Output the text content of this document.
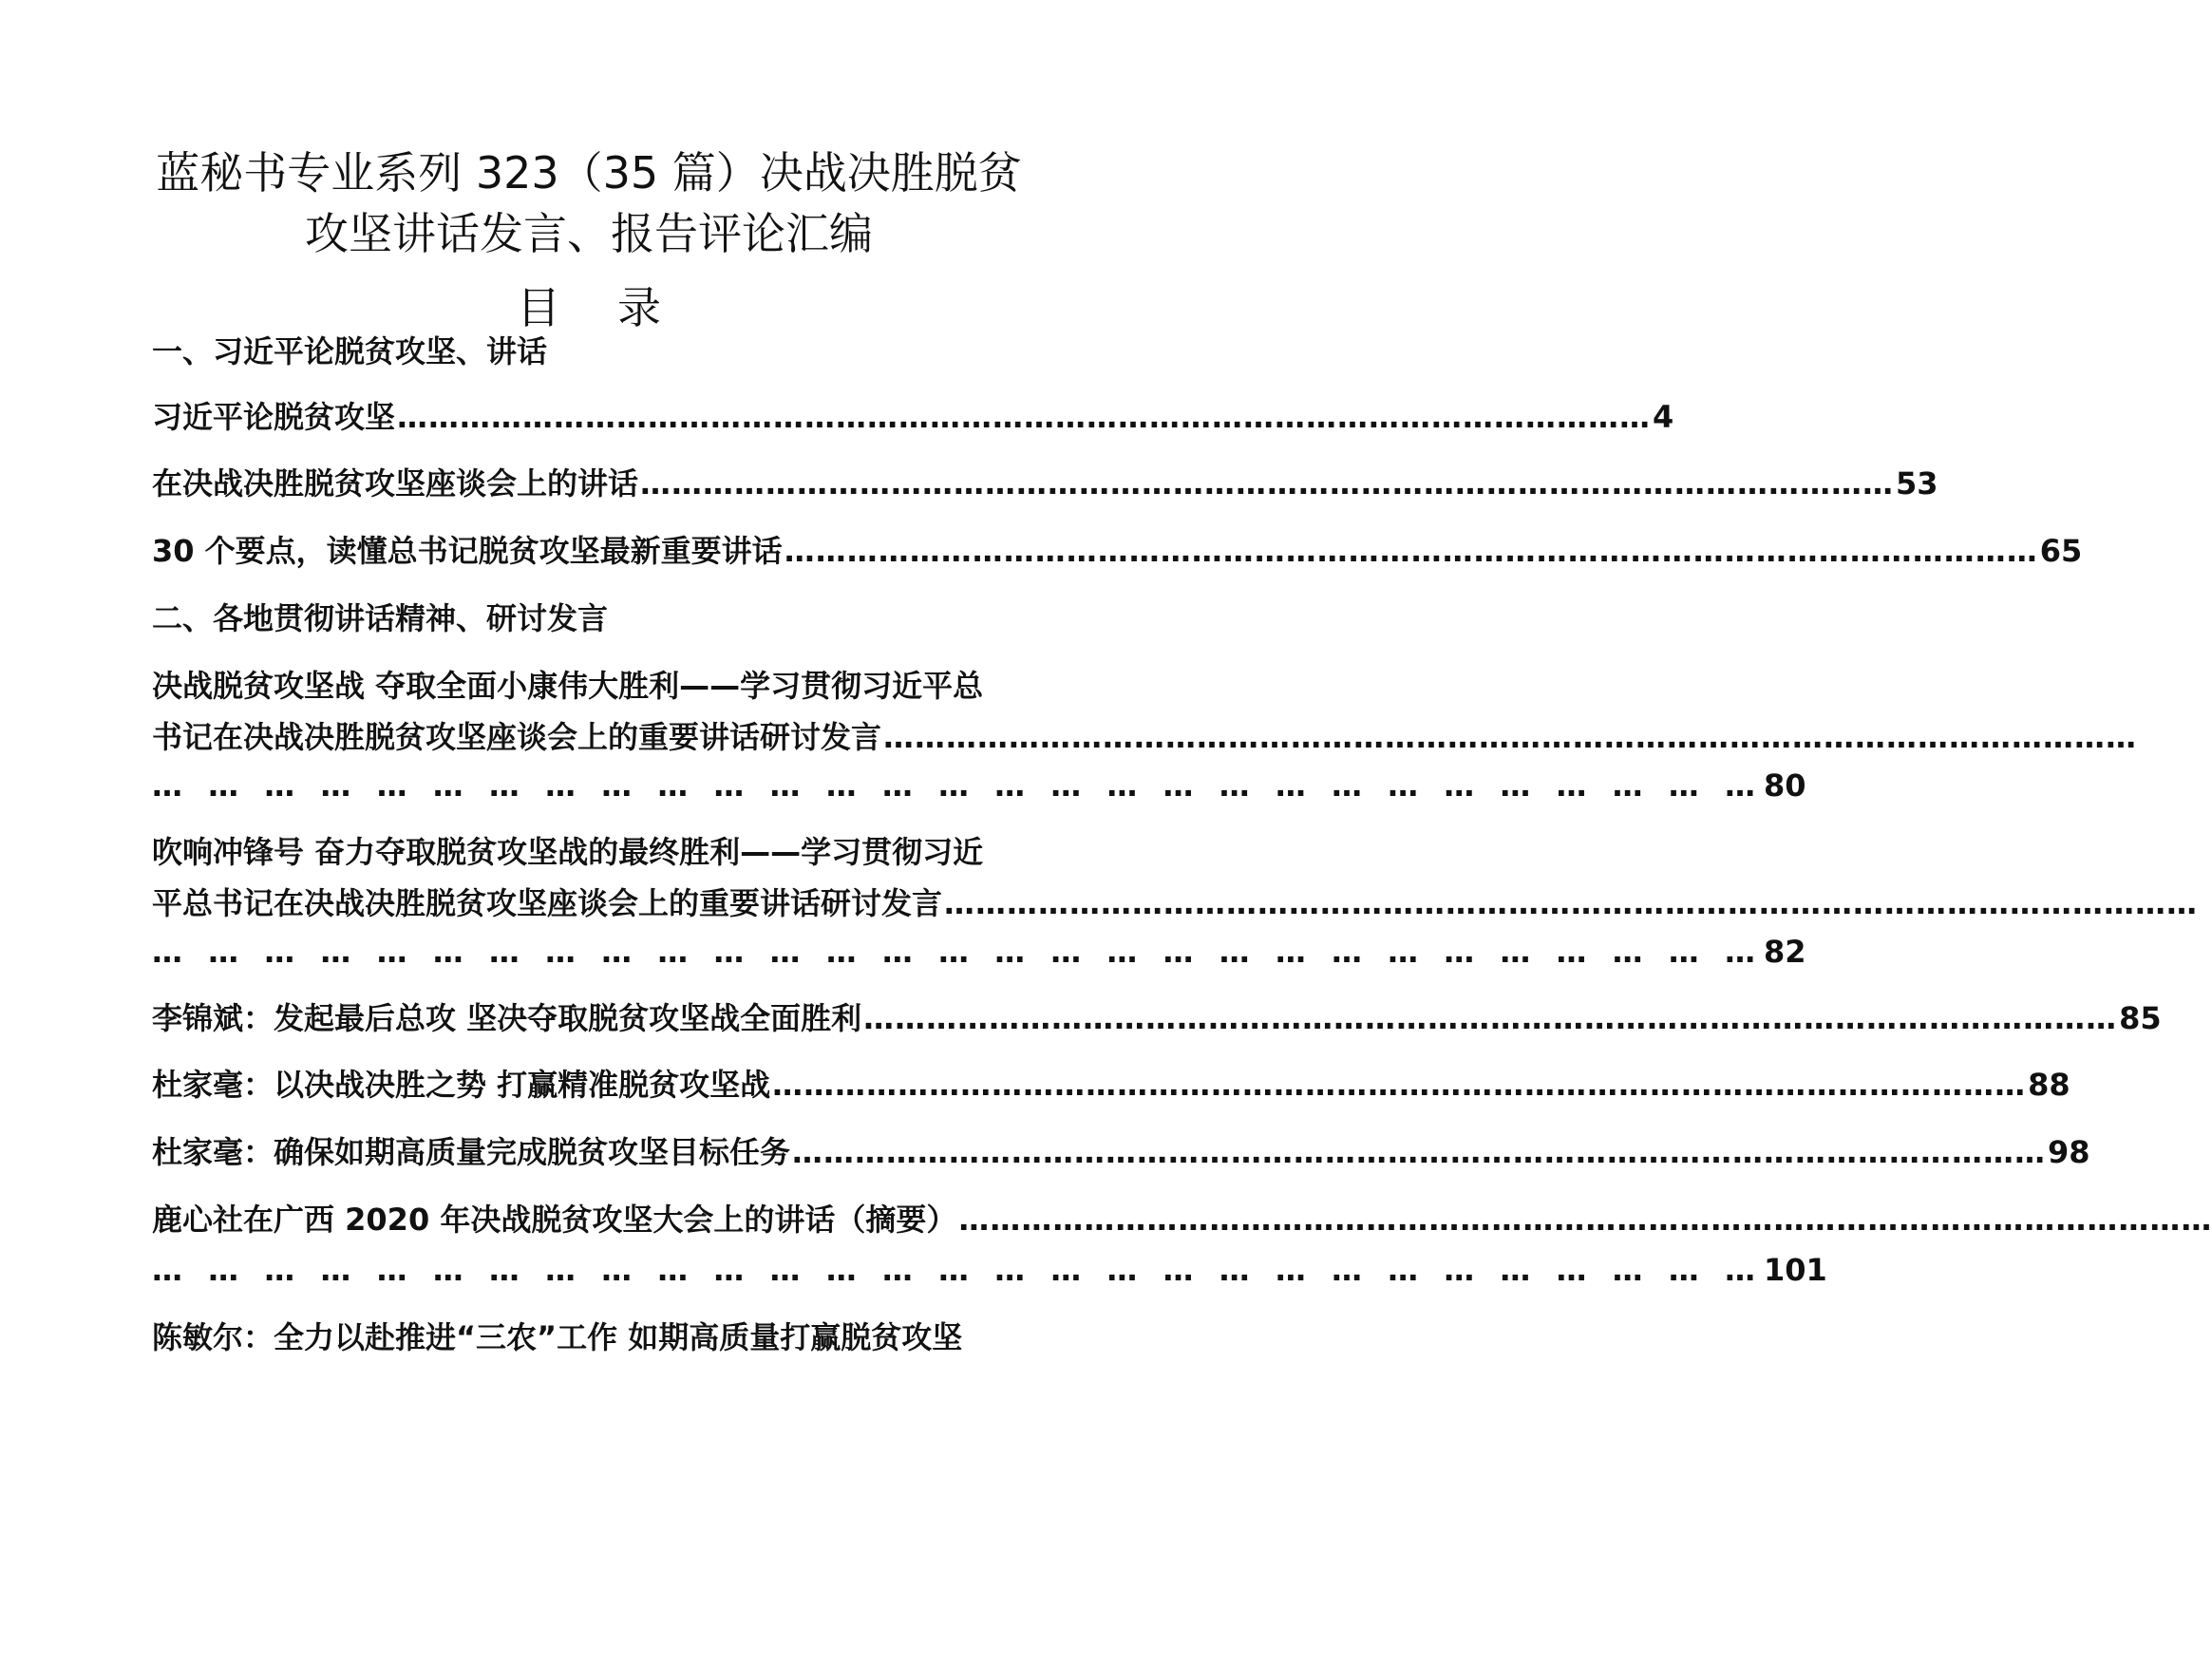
蓝秘书专业系列 323（35 篇）决战决胜脱贫
攻坚讲话发言、报告评论汇编
目 录
一、习近平论脱贫攻坚、讲话
习近平论脱贫攻坚 ………………………………………………………………………………………………………… 4
在决战决胜脱贫攻坚座谈会上的讲话 ………………………………………………………………………………………………………… 53
30 个要点，读懂总书记脱贫攻坚最新重要讲话 ………………………………………………………………………………………………………… 65
二、各地贯彻讲话精神、研讨发言
决战脱贫攻坚战 夺取全面小康伟大胜利——学习贯彻习近平总
书记在决战决胜脱贫攻坚座谈会上的重要讲话研讨发言 …………………………………………………………………………………………………………
… … … … … … … … … … … … … … … … … … … … … … … … … … … … … 80
吹响冲锋号 奋力夺取脱贫攻坚战的最终胜利——学习贯彻习近
平总书记在决战决胜脱贫攻坚座谈会上的重要讲话研讨发言 …………………………………………………………………………………………………………
… … … … … … … … … … … … … … … … … … … … … … … … … … … … … 82
李锦斌：发起最后总攻 坚决夺取脱贫攻坚战全面胜利 ………………………………………………………………………………………………………… 85
杜家毫：以决战决胜之势 打赢精准脱贫攻坚战 ………………………………………………………………………………………………………… 88
杜家毫：确保如期高质量完成脱贫攻坚目标任务 ………………………………………………………………………………………………………… 98
鹿心社在广西 2020 年决战脱贫攻坚大会上的讲话（摘要） …………………………………………………………………………………………………………
… … … … … … … … … … … … … … … … … … … … … … … … … … … … … 101
陈敏尔：全力以赴推进“三农”工作 如期高质量打赢脱贫攻坚
